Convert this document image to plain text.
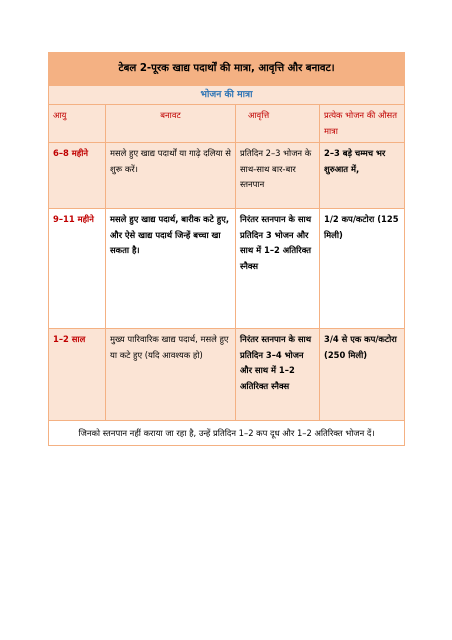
टेबल 2-पूरक खाद्य पदार्थों की मात्रा, आवृत्ति और बनावट।			
भोजन की मात्रा			
आयु	बनावट	आवृत्ति	प्रत्येक भोजन की औसत मात्रा
6–8 महीने	मसले हुए खाद्य पदार्थों या गाढ़े दलिया से शुरू करें।	प्रतिदिन 2–3 भोजन के साथ-साथ बार-बार स्तनपान	2–3 बड़े चम्मच भर शुरुआत में,
9–11 महीने	मसले हुए खाद्य पदार्थ, बारीक कटे हुए, और ऐसे खाद्य पदार्थ जिन्हें बच्चा खा सकता है।	निरंतर स्तनपान के साथ प्रतिदिन 3 भोजन और साथ में 1–2 अतिरिक्त स्नैक्स	1/2 कप/कटोरा (125 मिली)
1–2 साल	मुख्य पारिवारिक खाद्य पदार्थ, मसले हुए या कटे हुए (यदि आवश्यक हो)	निरंतर स्तनपान के साथ प्रतिदिन 3–4 भोजन और साथ में 1–2 अतिरिक्त स्नैक्स	3/4 से एक कप/कटोरा (250 मिली)
जिनको स्तनपान नहीं कराया जा रहा है, उन्हें प्रतिदिन 1–2 कप दूध और 1–2 अतिरिक्त भोजन दें।			
